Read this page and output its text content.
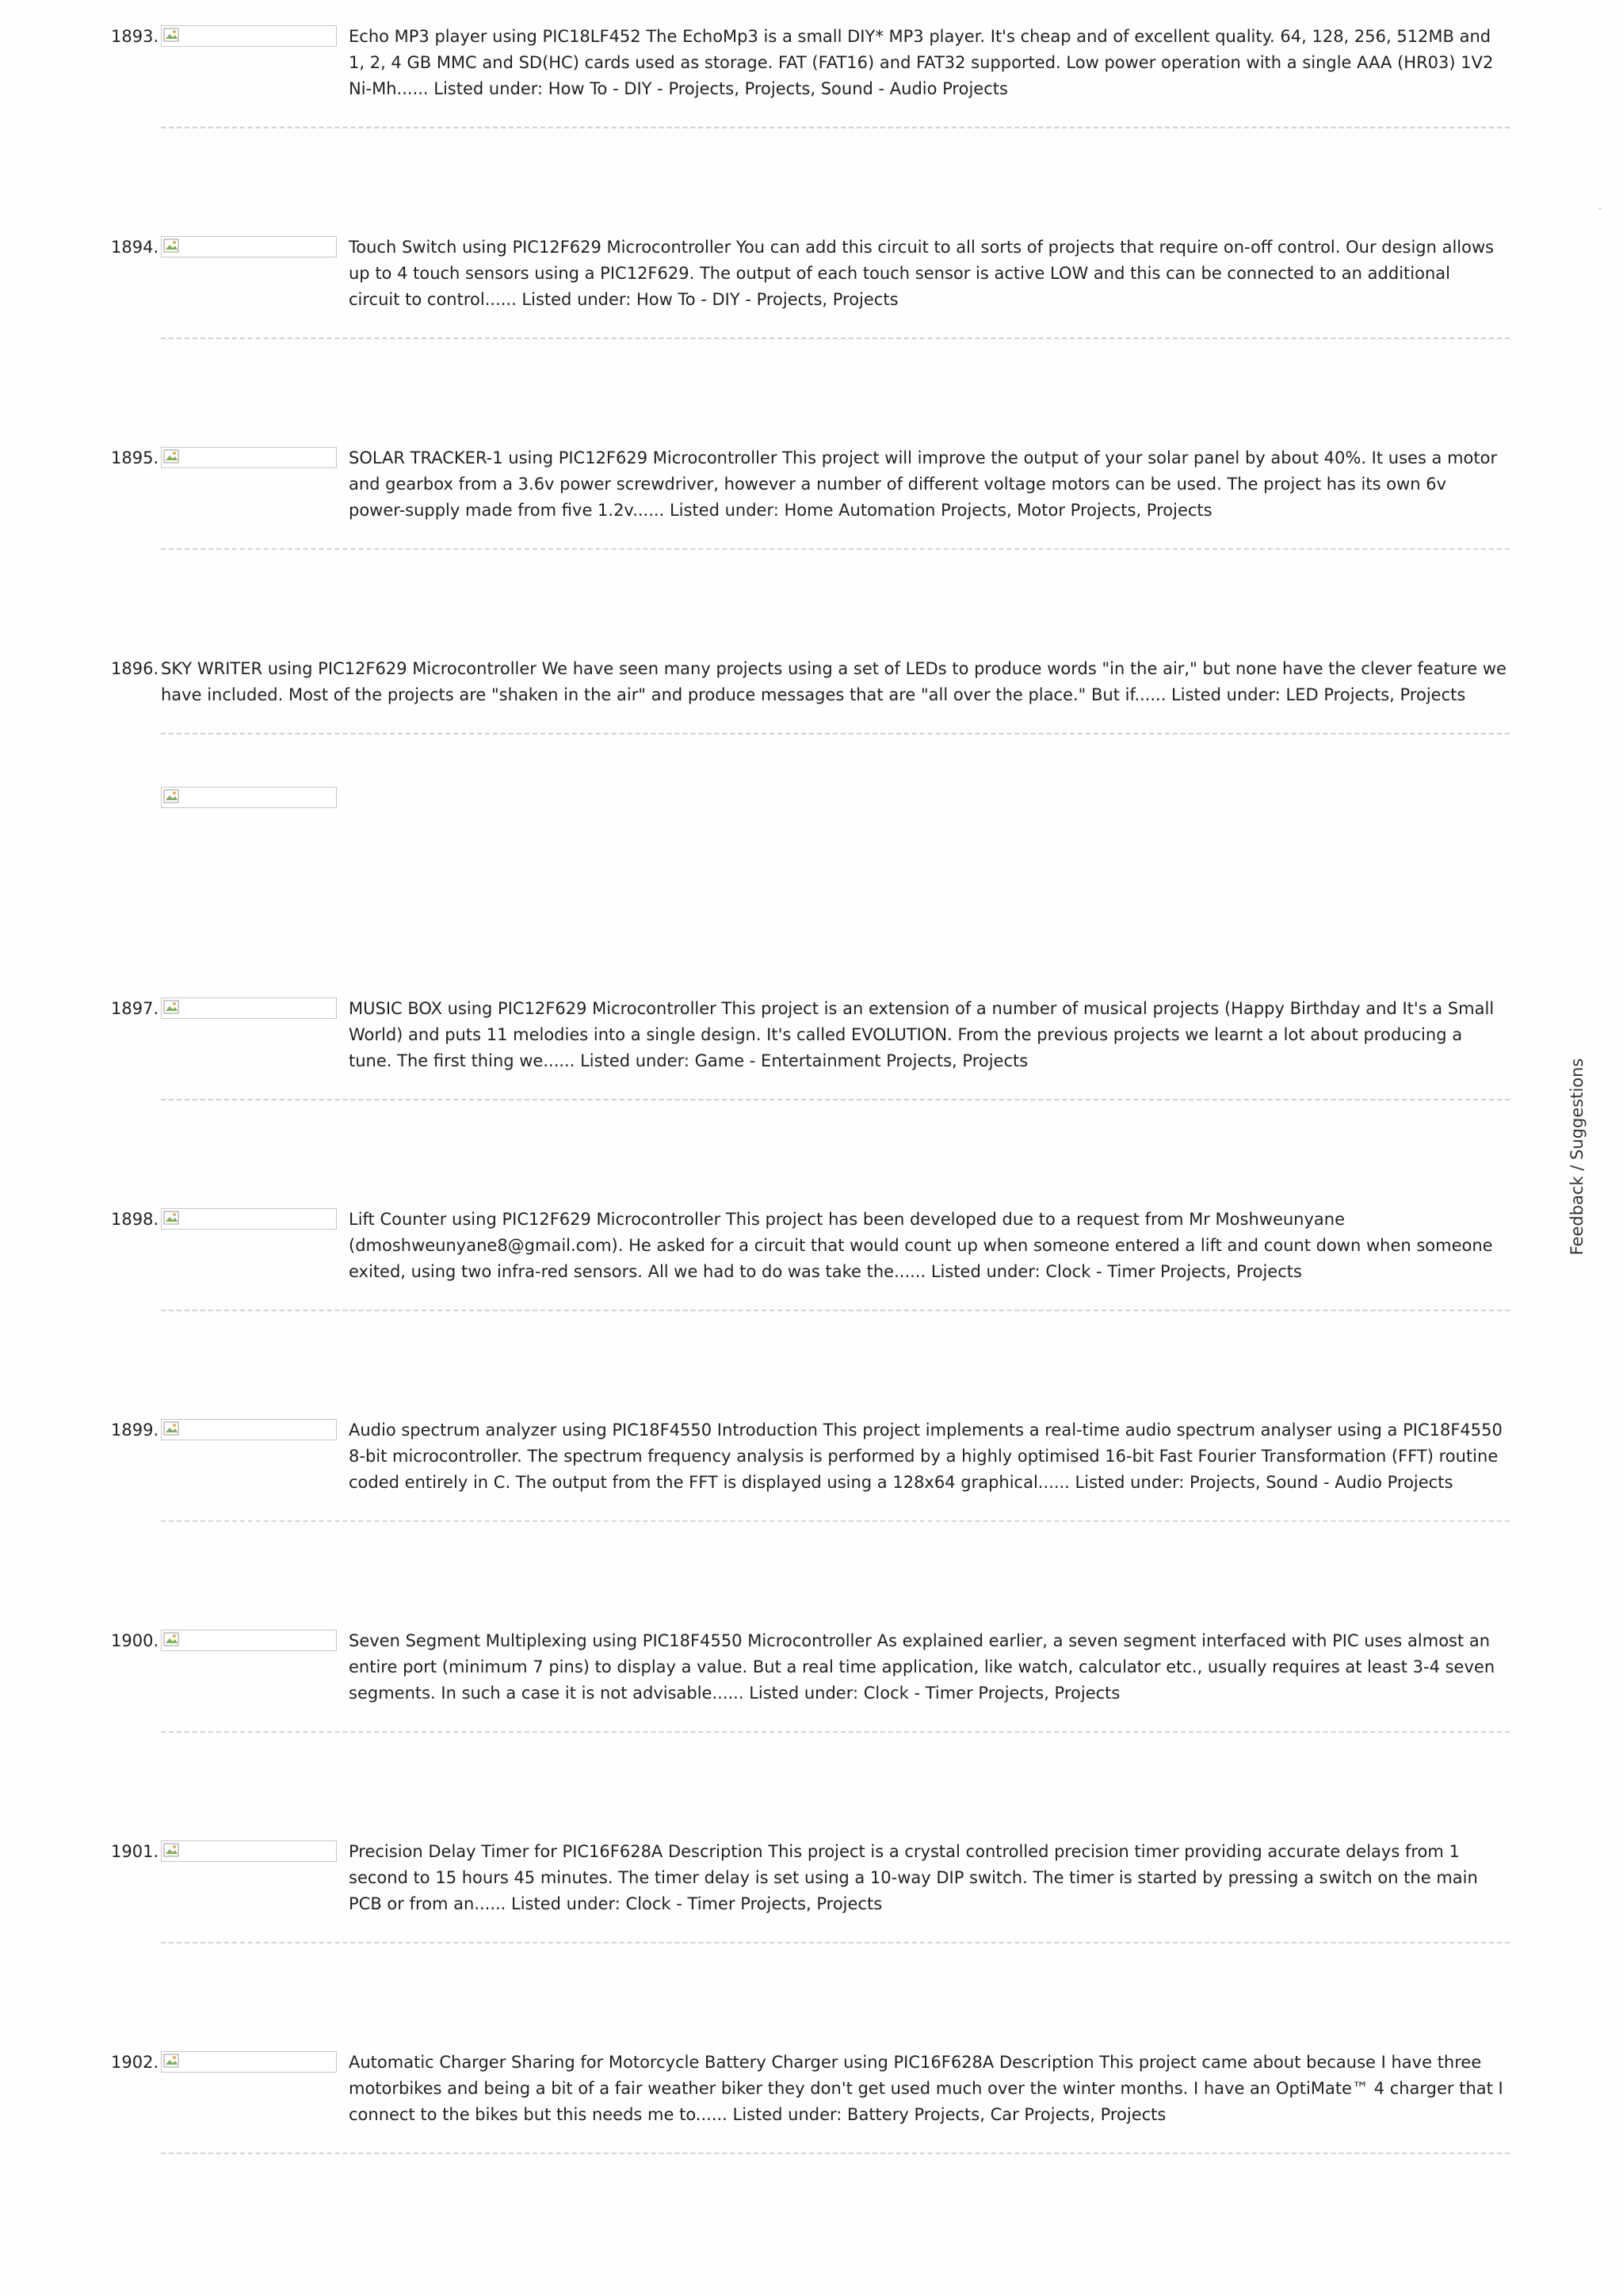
1893.	Echo MP3 player using PIC18LF452 The EchoMp3 is a small DIY* MP3 player. It's cheap and of excellent quality. 64, 128, 256, 512MB and 1, 2, 4 GB MMC and SD(HC) cards used as storage. FAT (FAT16) and FAT32 supported. Low power operation with a single AAA (HR03) 1V2 Ni-Mh...... Listed under: How To - DIY - Projects, Projects, Sound - Audio Projects
1894.	Touch Switch using PIC12F629 Microcontroller You can add this circuit to all sorts of projects that require on-off control. Our design allows up to 4 touch sensors using a PIC12F629. The output of each touch sensor is active LOW and this can be connected to an additional circuit to control...... Listed under: How To - DIY - Projects, Projects
1895.	SOLAR TRACKER-1 using PIC12F629 Microcontroller This project will improve the output of your solar panel by about 40%. It uses a motor and gearbox from a 3.6v power screwdriver, however a number of different voltage motors can be used. The project has its own 6v power-supply made from five 1.2v...... Listed under: Home Automation Projects, Motor Projects, Projects
1896. SKY WRITER using PIC12F629 Microcontroller We have seen many projects using a set of LEDs to produce words "in the air," but none have the clever feature we have included. Most of the projects are "shaken in the air" and produce messages that are "all over the place." But if...... Listed under: LED Projects, Projects
1897.	MUSIC BOX using PIC12F629 Microcontroller This project is an extension of a number of musical projects (Happy Birthday and It's a Small World) and puts 11 melodies into a single design. It's called EVOLUTION. From the previous projects we learnt a lot about producing a tune. The first thing we...... Listed under: Game - Entertainment Projects, Projects
1898.	Lift Counter using PIC12F629 Microcontroller This project has been developed due to a request from Mr Moshweunyane (dmoshweunyane8@gmail.com). He asked for a circuit that would count up when someone entered a lift and count down when someone exited, using two infra-red sensors. All we had to do was take the...... Listed under: Clock - Timer Projects, Projects
1899.	Audio spectrum analyzer using PIC18F4550 Introduction This project implements a real-time audio spectrum analyser using a PIC18F4550 8-bit microcontroller. The spectrum frequency analysis is performed by a highly optimised 16-bit Fast Fourier Transformation (FFT) routine coded entirely in C. The output from the FFT is displayed using a 128x64 graphical...... Listed under: Projects, Sound - Audio Projects
1900.	Seven Segment Multiplexing using PIC18F4550 Microcontroller As explained earlier, a seven segment interfaced with PIC uses almost an entire port (minimum 7 pins) to display a value. But a real time application, like watch, calculator etc., usually requires at least 3-4 seven segments. In such a case it is not advisable...... Listed under: Clock - Timer Projects, Projects
1901.	Precision Delay Timer for PIC16F628A Description This project is a crystal controlled precision timer providing accurate delays from 1 second to 15 hours 45 minutes. The timer delay is set using a 10-way DIP switch. The timer is started by pressing a switch on the main PCB or from an...... Listed under: Clock - Timer Projects, Projects
1902.	Automatic Charger Sharing for Motorcycle Battery Charger using PIC16F628A Description This project came about because I have three motorbikes and being a bit of a fair weather biker they don't get used much over the winter months. I have an OptiMate™ 4 charger that I connect to the bikes but this needs me to...... Listed under: Battery Projects, Car Projects, Projects
Feedback / Suggestions
